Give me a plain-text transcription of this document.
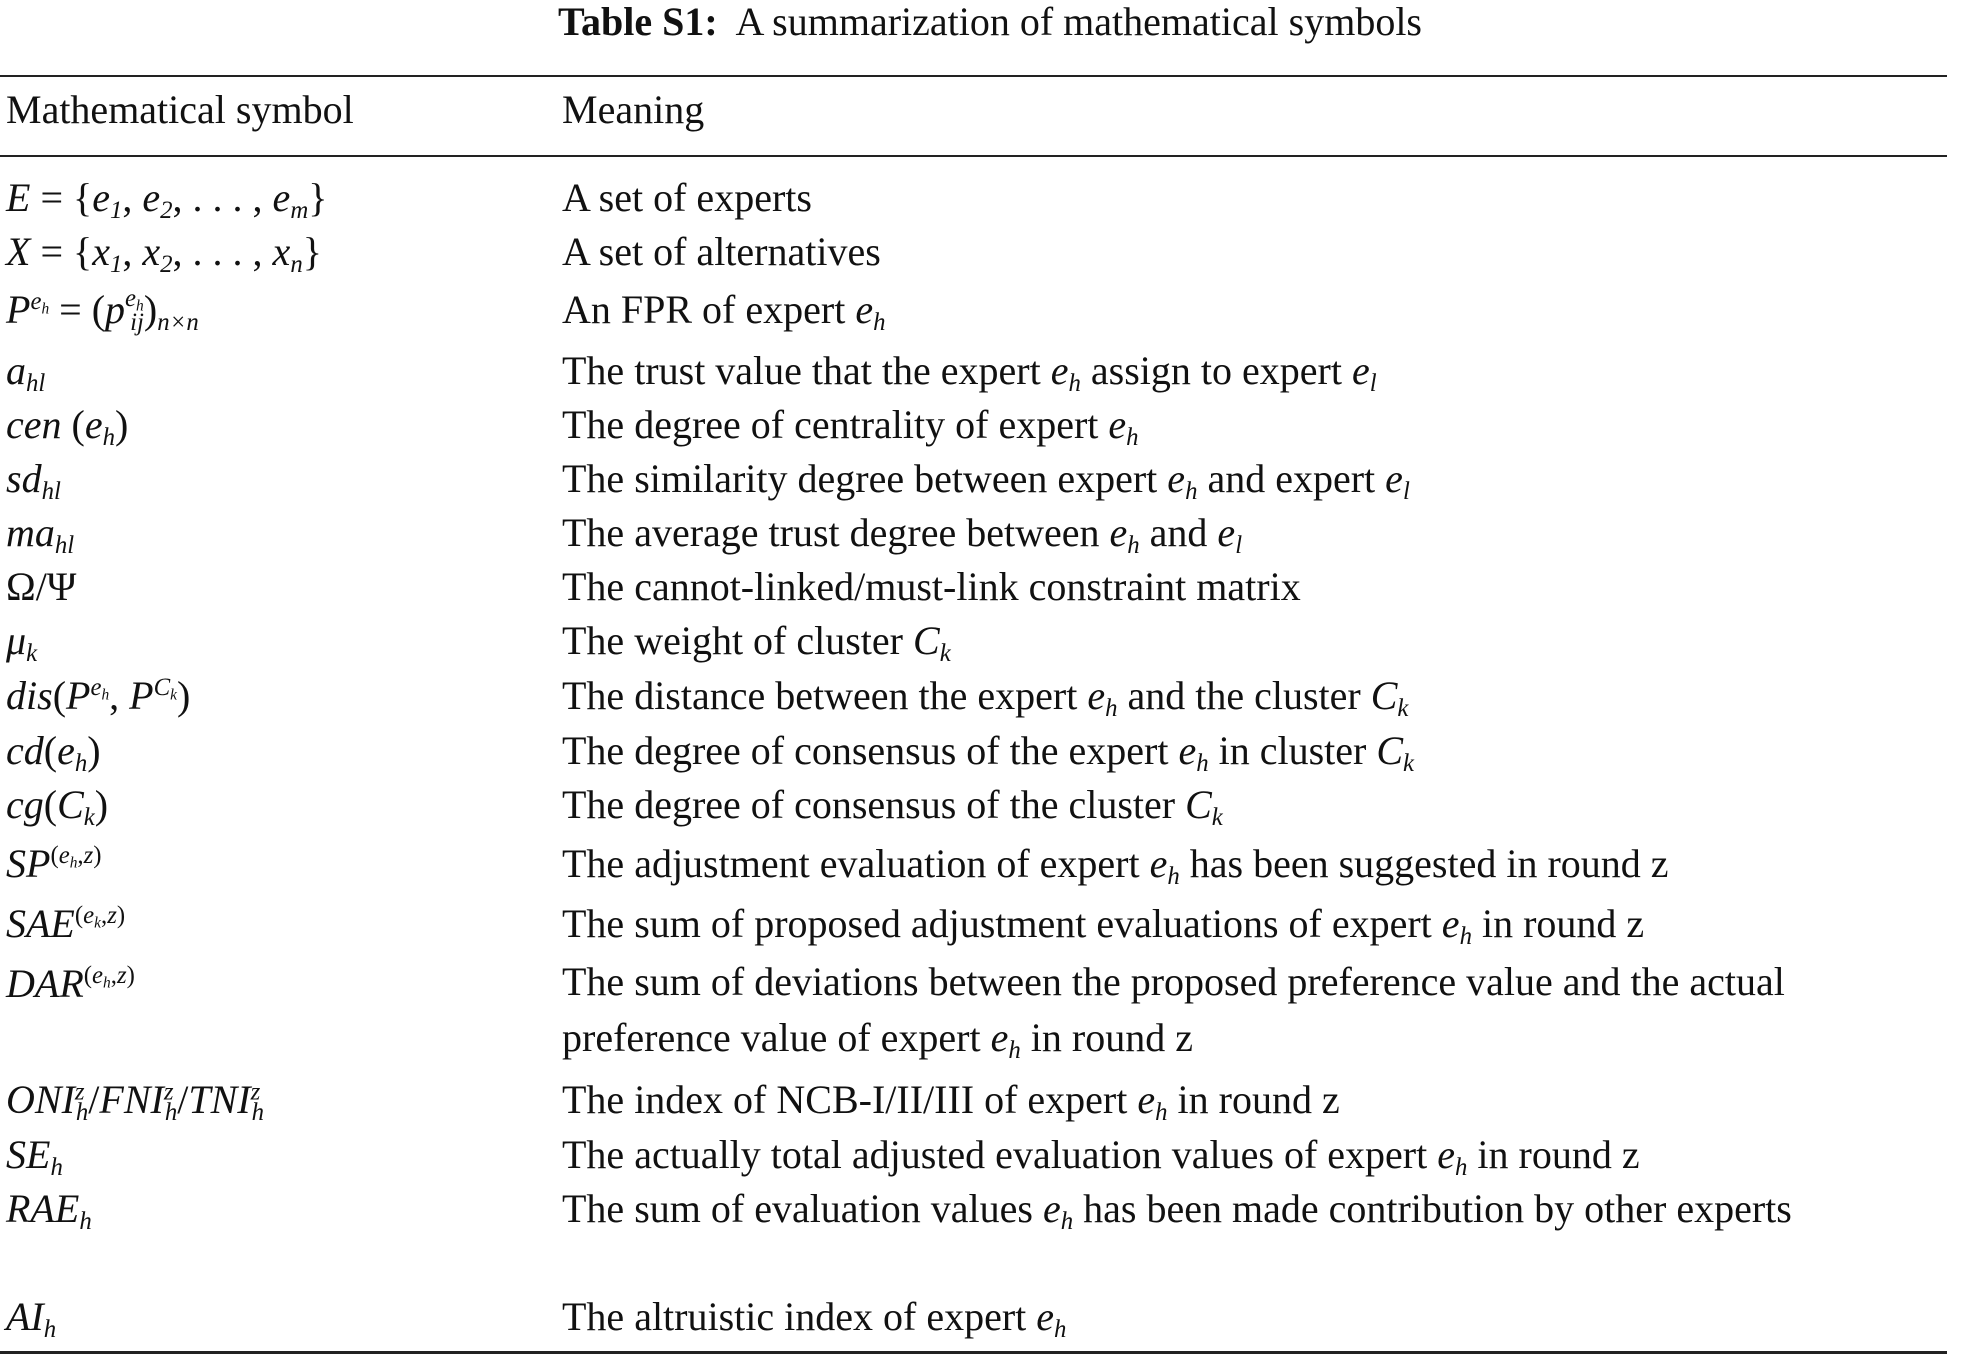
Table S1: A summarization of mathematical symbols
Mathematical symbol	Meaning
$E = \{e_1$, $e_2$, . . . , $e_m$}	A set of experts
$X = \{x_1$, $x_2$, . . . , $x_n$}	A set of alternatives
$P^{e_h} = (p^{e_h}_{ij})_{n\times n}$	An FPR of expert $e_h$
$a_{hl}$	The trust value that the expert $e_h$ assign to expert $e_l$
cen $(e_h)$	The degree of centrality of expert $e_h$
$sd_{hl}$	The similarity degree between expert $e_h$ and expert $e_l$
$ma_{hl}$	The average trust degree between $e_h$ and $e_l$
Ω/Ψ	The cannot-linked/must-link constraint matrix
$\mu_k$	The weight of cluster $C_k$
$dis(P^{e_h}$, $P^{C_k}$)	The distance between the expert $e_h$ and the cluster $C_k$
$cd(e_h)$	The degree of consensus of the expert $e_h$ in cluster $C_k$
$cg(C_k)$	The degree of consensus of the cluster $C_k$
$SP^{(e_h,z)}$	The adjustment evaluation of expert $e_h$ has been suggested in round z
$SAE^{(e_k,z)}$	The sum of proposed adjustment evaluations of expert $e_h$ in round z
$DAR^{(e_h,z)}$	The sum of deviations between the proposed preference value and the actual preference value of expert $e_h$ in round z
$ONI^z_h/FNI^z_h/TNI^z_h$	The index of NCB-I/II/III of expert $e_h$ in round z
$SE_h$	The actually total adjusted evaluation values of expert $e_h$ in round z
$RAE_h$	The sum of evaluation values $e_h$ has been made contribution by other experts
$AI_h$	The altruistic index of expert $e_h$
